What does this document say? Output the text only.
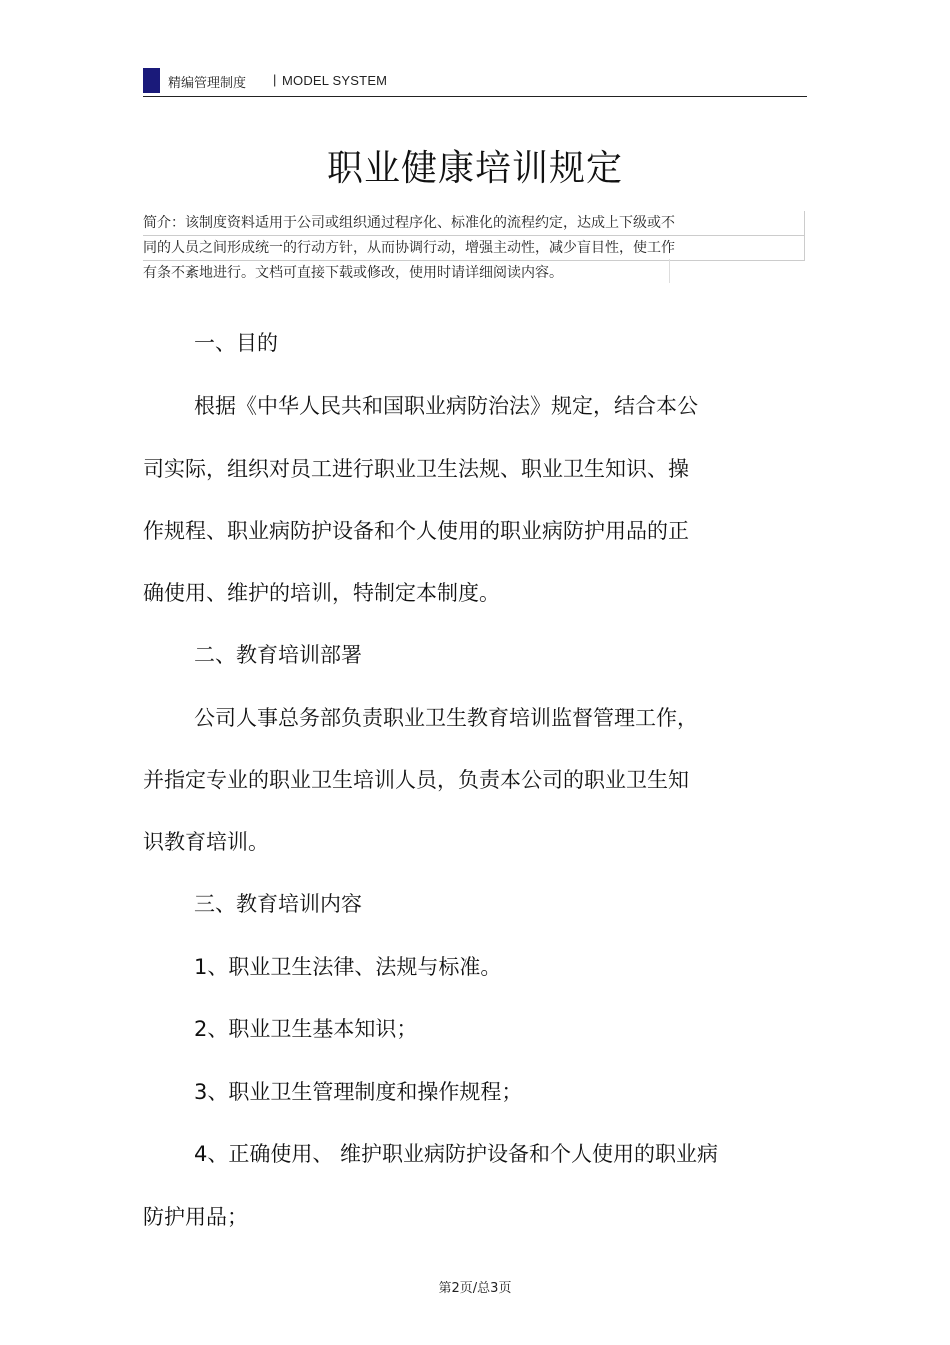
精编管理制度 | MODEL SYSTEM
职业健康培训规定
简介：该制度资料适用于公司或组织通过程序化、标准化的流程约定，达成上下级或不
同的人员之间形成统一的行动方针，从而协调行动，增强主动性，减少盲目性，使工作
有条不紊地进行。文档可直接下载或修改，使用时请详细阅读内容。
一、目的
根据《中华人民共和国职业病防治法》规定，结合本公
司实际，组织对员工进行职业卫生法规、职业卫生知识、操
作规程、职业病防护设备和个人使用的职业病防护用品的正
确使用、维护的培训，特制定本制度。
二、教育培训部署
公司人事总务部负责职业卫生教育培训监督管理工作，
并指定专业的职业卫生培训人员，负责本公司的职业卫生知
识教育培训。
三、教育培训内容
1、职业卫生法律、法规与标准。
2、职业卫生基本知识；
3、职业卫生管理制度和操作规程；
4、正确使用、 维护职业病防护设备和个人使用的职业病
防护用品；
第2页/总3页
